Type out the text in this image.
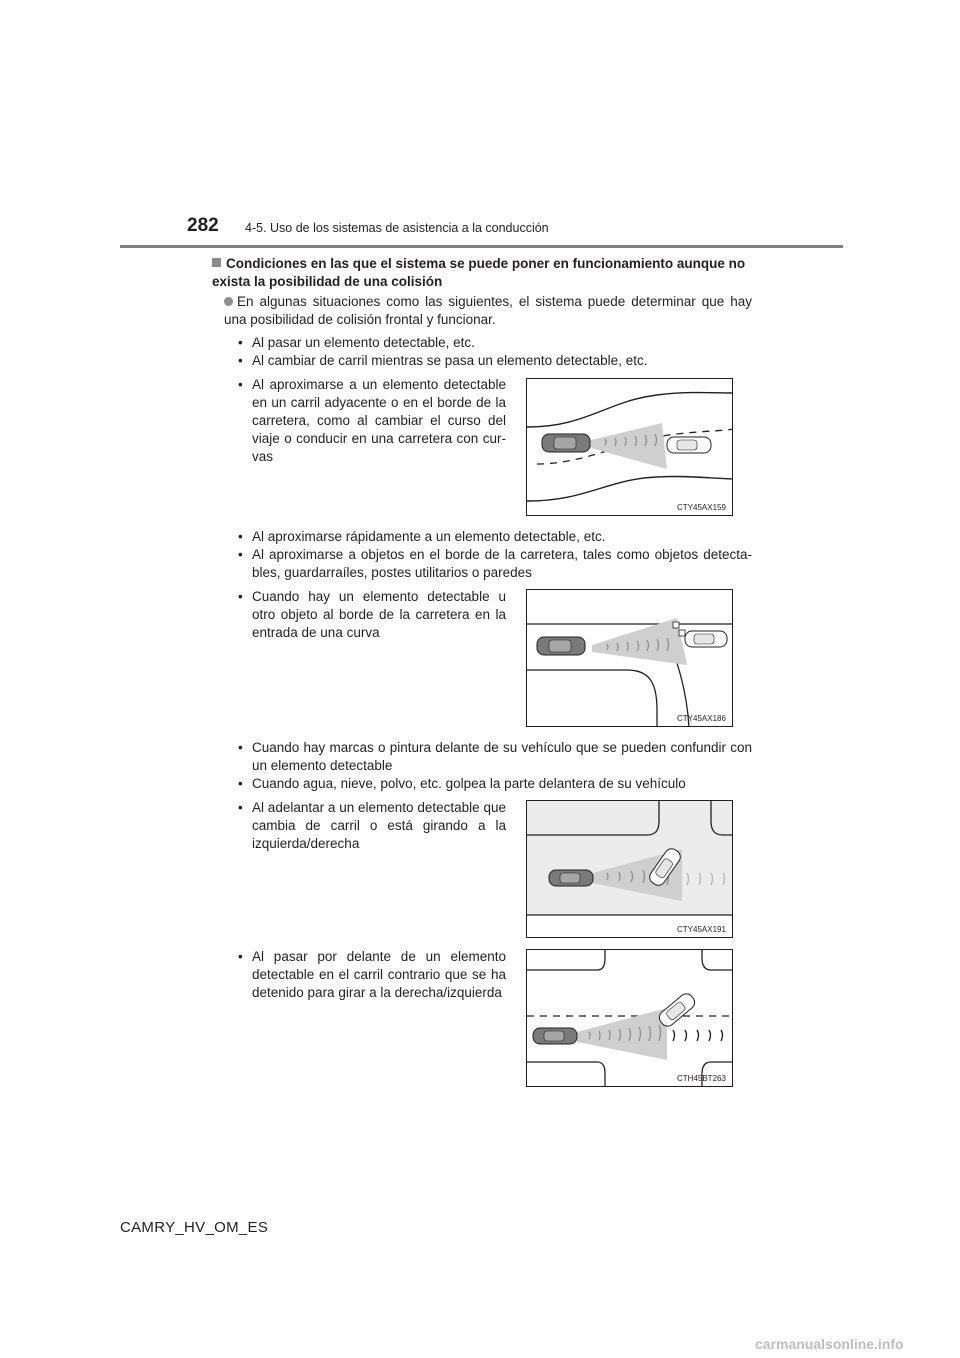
282 4-5. Uso de los sistemas de asistencia a la conducción
Condiciones en las que el sistema se puede poner en funcionamiento aunque no exista la posibilidad de una colisión
En algunas situaciones como las siguientes, el sistema puede determinar que hay una posibilidad de colisión frontal y funcionar.
• Al pasar un elemento detectable, etc.
• Al cambiar de carril mientras se pasa un elemento detectable, etc.
• Al aproximarse a un elemento detectable en un carril adyacente o en el borde de la carretera, como al cambiar el curso del viaje o conducir en una carretera con cur- vas
CTY45AX159
• Al aproximarse rápidamente a un elemento detectable, etc.
• Al aproximarse a objetos en el borde de la carretera, tales como objetos detecta- bles, guardarraíles, postes utilitarios o paredes
• Cuando hay un elemento detectable u otro objeto al borde de la carretera en la entrada de una curva
CTY45AX186
• Cuando hay marcas o pintura delante de su vehículo que se pueden confundir con un elemento detectable
• Cuando agua, nieve, polvo, etc. golpea la parte delantera de su vehículo
• Al adelantar a un elemento detectable que cambia de carril o está girando a la izquierda/derecha
CTY45AX191
• Al pasar por delante de un elemento detectable en el carril contrario que se ha detenido para girar a la derecha/izquierda
CTH45BT263
CAMRY_HV_OM_ES
carmanualsonline.info
